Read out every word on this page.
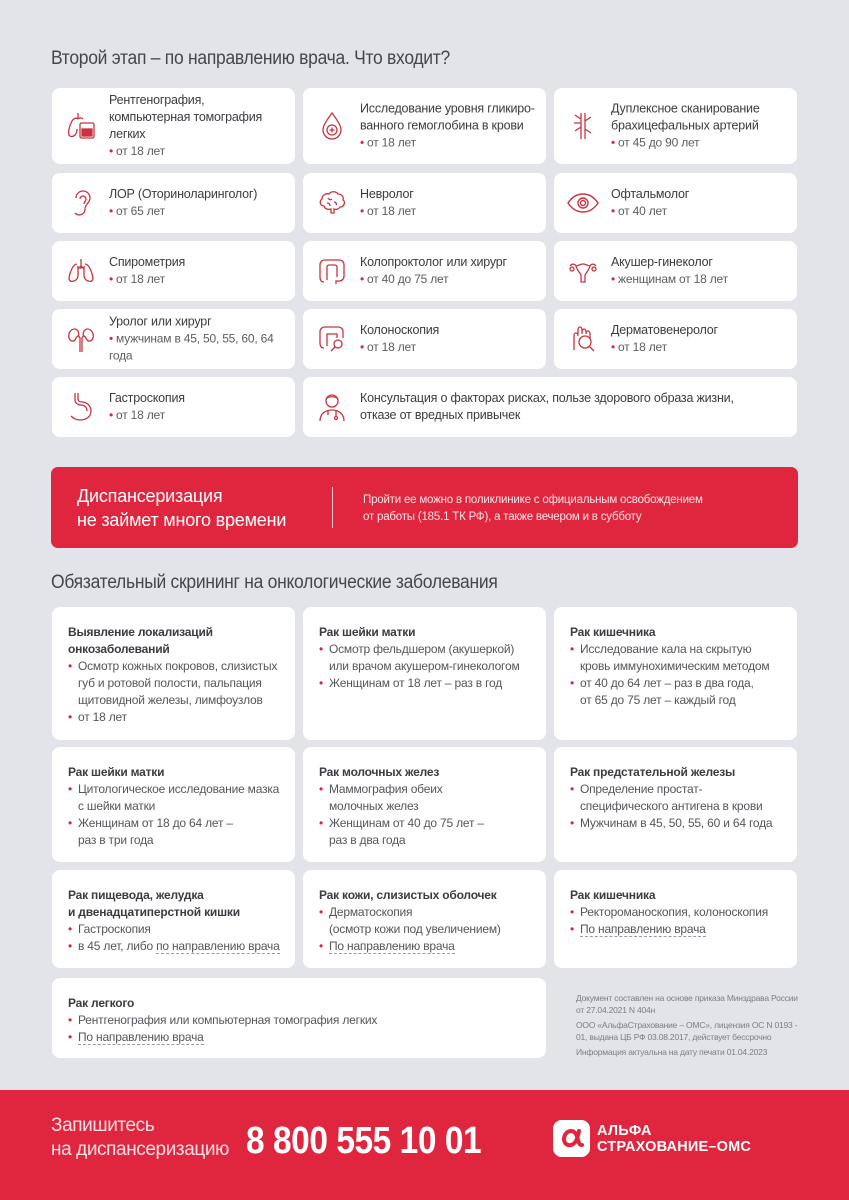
Второй этап – по направлению врача. Что входит?
Рентгенография, компьютерная томография легких
• от 18 лет
Исследование уровня гликиро-ванного гемоглобина в крови
• от 18 лет
Дуплексное сканирование брахицефальных артерий
• от 45 до 90 лет
ЛОР (Оториноларинголог)
• от 65 лет
Невролог
• от 18 лет
Офтальмолог
• от 40 лет
Спирометрия
• от 18 лет
Колопроктолог или хирург
• от 40 до 75 лет
Акушер-гинеколог
• женщинам от 18 лет
Уролог или хирург
• мужчинам в 45, 50, 55, 60, 64 года
Колоноскопия
• от 18 лет
Дерматовенеролог
• от 18 лет
Гастроскопия
• от 18 лет
Консультация о факторах рисках, пользе здорового образа жизни, отказе от вредных привычек
Диспансеризация
не займет много времени
Пройти ее можно в поликлинике с официальным освобождением
от работы (185.1 ТК РФ), а также вечером и в субботу
Обязательный скрининг на онкологические заболевания
Выявление локализаций
онкозаболеваний
• Осмотр кожных покровов, слизистых
губ и ротовой полости, пальпация
щитовидной железы, лимфоузлов
• от 18 лет
Рак шейки матки
• Осмотр фельдшером (акушеркой)
или врачом акушером-гинекологом
• Женщинам от 18 лет – раз в год
Рак кишечника
• Исследование кала на скрытую
кровь иммунохимическим методом
• от 40 до 64 лет – раз в два года,
от 65 до 75 лет – каждый год
Рак шейки матки
• Цитологическое исследование мазка
с шейки матки
• Женщинам от 18 до 64 лет –
раз в три года
Рак молочных желез
• Маммография обеих
молочных желез
• Женщинам от 40 до 75 лет –
раз в два года
Рак предстательной железы
• Определение простат-
специфического антигена в крови
• Мужчинам в 45, 50, 55, 60 и 64 года
Рак пищевода, желудка
и двенадцатиперстной кишки
• Гастроскопия
• в 45 лет, либо по направлению врача
Рак кожи, слизистых оболочек
• Дерматоскопия
(осмотр кожи под увеличением)
• По направлению врача
Рак кишечника
• Ректороманоскопия, колоноскопия
• По направлению врача
Рак легкого
• Рентгенография или компьютерная томография легких
• По направлению врача

Документ составлен на основе приказа Минздрава России от 27.04.2021 N 404н

ООО «АльфаСтрахование – ОМС», лицензия ОС N 0193 - 01, выдана ЦБ РФ 03.08.2017, действует бессрочно

Информация актуальна на дату печати 01.04.2023

Запишитесь
на диспансеризацию 8 800 555 10 01	АЛЬФА
СТРАХОВАНИЕ–ОМС
